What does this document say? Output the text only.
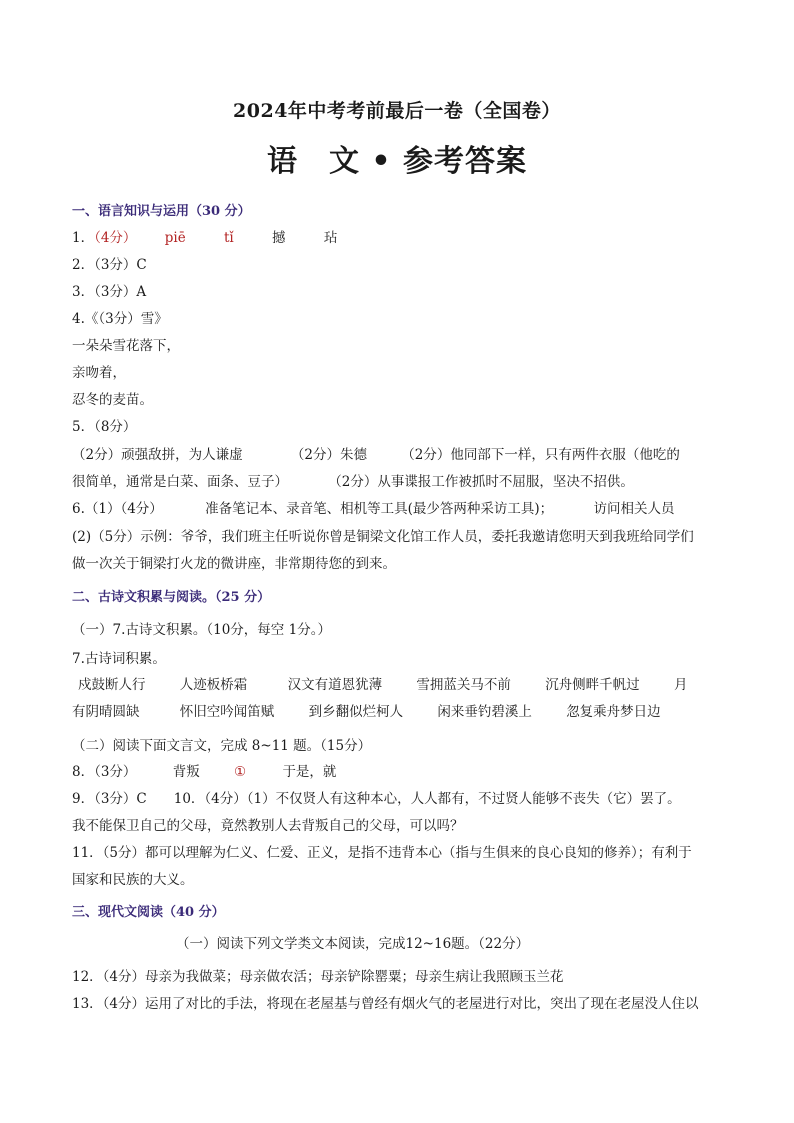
2024年中考考前最后一卷（全国卷）
语　文 • 参考答案
一、语言知识与运用（30 分）
1．（4分） piē	tǐ	撼	玷
2．（3分）C
3．（3分）A
4.《（3分）雪》
一朵朵雪花落下，
亲吻着，
忍冬的麦苗。
5．（8分）
（2分）顽强敌拼，为人谦虚	（2分）朱德	（2分）他同部下一样，只有两件衣服（他吃的
很简单，通常是白菜、面条、豆子）	（2分）从事谍报工作被抓时不屈服，坚决不招供。
6.（1）（4分）	准备笔记本、录音笔、相机等工具(最少答两种采访工具)；	访问相关人员
(2)（5分）示例：爷爷，我们班主任听说你曾是铜梁文化馆工作人员，委托我邀请您明天到我班给同学们
做一次关于铜梁打火龙的微讲座，非常期待您的到来。
二、古诗文积累与阅读。（25 分）
（一）7.古诗文积累。（10分，每空 1分。）
7.古诗词积累。
戍鼓断人行	人迹板桥霜	汉文有道恩犹薄	雪拥蓝关马不前	沉舟侧畔千帆过	月
有阴晴圆缺	怀旧空吟闻笛赋	到乡翻似烂柯人	闲来垂钓碧溪上	忽复乘舟梦日边
（二）阅读下面文言文，完成 8~11 题。（15分）
8．（3分）	背叛	①	于是，就
9．（3分）C　　10．（4分）（1）不仅贤人有这种本心，人人都有，不过贤人能够不丧失（它）罢了。
我不能保卫自己的父母，竟然教别人去背叛自己的父母，可以吗？
11．（5分）都可以理解为仁义、仁爱、正义，是指不违背本心（指与生俱来的良心良知的修养）；有利于
国家和民族的大义。
三、现代文阅读（40 分）
（一）阅读下列文学类文本阅读，完成12~16题。（22分）
12．（4分）母亲为我做菜；母亲做农活；母亲铲除罂粟；母亲生病让我照顾玉兰花
13．（4分）运用了对比的手法，将现在老屋基与曾经有烟火气的老屋进行对比，突出了现在老屋没人住以
